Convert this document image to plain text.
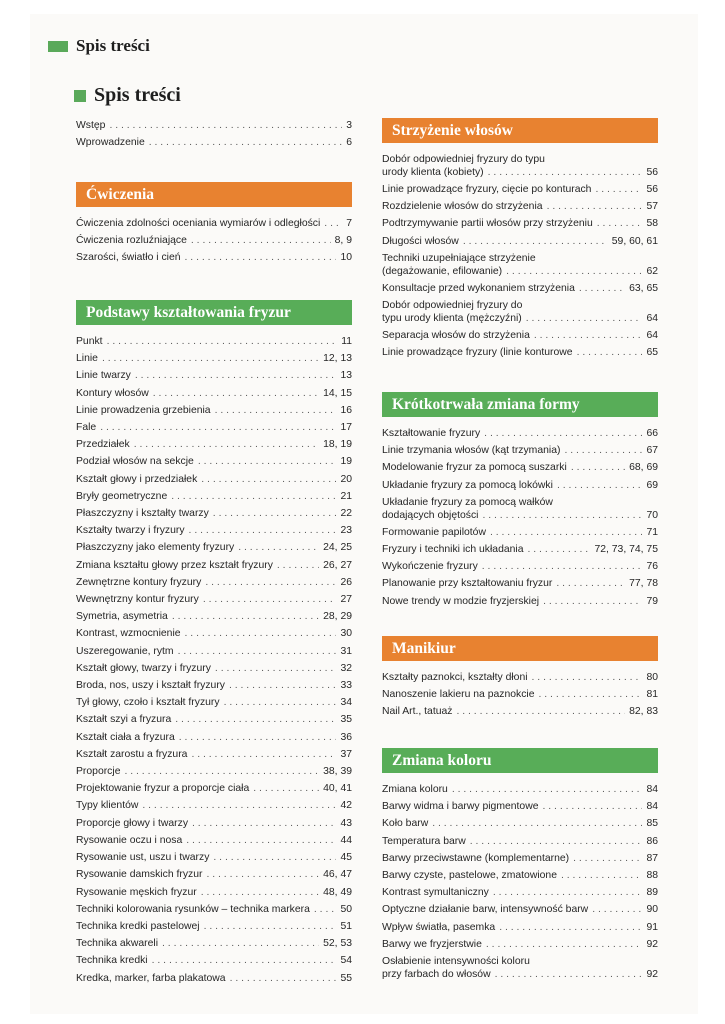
Spis treści
Spis treści
Wstęp . . .	3
Wprowadzenie . . .	6
Ćwiczenia
Ćwiczenia zdolności oceniania wymiarów i odległości . . . 7
Ćwiczenia rozluźniające . . .	8, 9
Szarości, światło i cień . . .	10
Podstawy kształtowania fryzur
Punkt . . .	11
Linie . . .	12, 13
Linie twarzy . . .	13
Kontury włosów . . .	14, 15
Linie prowadzenia grzebienia . . .	16
Fale . . .	17
Przedziałek . . .	18, 19
Podział włosów na sekcje . . .	19
Kształt głowy i przedziałek . . .	20
Bryły geometryczne . . .	21
Płaszczyzny i kształty twarzy . . .	22
Kształty twarzy i fryzury . . .	23
Płaszczyzny jako elementy fryzury . . .	24, 25
Zmiana kształtu głowy przez kształt fryzury . . .	26, 27
Zewnętrzne kontury fryzury . . .	26
Wewnętrzny kontur fryzury . . .	27
Symetria, asymetria . . .	28, 29
Kontrast, wzmocnienie . . .	30
Uszeregowanie, rytm . . .	31
Kształt głowy, twarzy i fryzury . . .	32
Broda, nos, uszy i kształt fryzury . . .	33
Tył głowy, czoło i kształt fryzury . . .	34
Kształt szyi a fryzura . . .	35
Kształt ciała a fryzura . . .	36
Kształt zarostu a fryzura . . .	37
Proporcje . . .	38, 39
Projektowanie fryzur a proporcje ciała . . .	40, 41
Typy klientów . . .	42
Proporcje głowy i twarzy . . .	43
Rysowanie oczu i nosa . . .	44
Rysowanie ust, uszu i twarzy . . .	45
Rysowanie damskich fryzur . . .	46, 47
Rysowanie męskich fryzur . . .	48, 49
Techniki kolorowania rysunków – technika markera . . .	50
Technika kredki pastelowej . . .	51
Technika akwareli . . .	52, 53
Technika kredki . . .	54
Kredka, marker, farba plakatowa . . .	55
Strzyżenie włosów
Dobór odpowiedniej fryzury do typu
urody klienta (kobiety) . . .	56
Linie prowadzące fryzury, cięcie po konturach . . .	56
Rozdzielenie włosów do strzyżenia . . .	57
Podtrzymywanie partii włosów przy strzyżeniu . . .	58
Długości włosów . . .	59, 60, 61
Techniki uzupełniające strzyżenie
(degażowanie, efilowanie) . . .	62
Konsultacje przed wykonaniem strzyżenia . . .	63, 65
Dobór odpowiedniej fryzury do
typu urody klienta (mężczyźni) . . .	64
Separacja włosów do strzyżenia . . .	64
Linie prowadzące fryzury (linie konturowe . . .	65
Krótkotrwała zmiana formy
Kształtowanie fryzury . . .	66
Linie trzymania włosów (kąt trzymania) . . .	67
Modelowanie fryzur za pomocą suszarki . . .	68, 69
Układanie fryzury za pomocą lokówki . . .	69
Układanie fryzury za pomocą wałków
dodających objętości . . .	70
Formowanie papilotów . . .	71
Fryzury i techniki ich układania . . .	72, 73, 74, 75
Wykończenie fryzury . . .	76
Planowanie przy kształtowaniu fryzur . . .	77, 78
Nowe trendy w modzie fryzjerskiej . . .	79
Manikiur
Kształty paznokci, kształty dłoni . . .	80
Nanoszenie lakieru na paznokcie . . .	81
Nail Art., tatuaż . . .	82, 83
Zmiana koloru
Zmiana koloru . . .	84
Barwy widma i barwy pigmentowe . . .	84
Koło barw . . .	85
Temperatura barw . . .	86
Barwy przeciwstawne (komplementarne) . . .	87
Barwy czyste, pastelowe, zmatowione . . .	88
Kontrast symultaniczny . . .	89
Optyczne działanie barw, intensywność barw . . .	90
Wpływ światła, pasemka . . .	91
Barwy we fryzjerstwie . . .	92
Osłabienie intensywności koloru
przy farbach do włosów . . .	92
